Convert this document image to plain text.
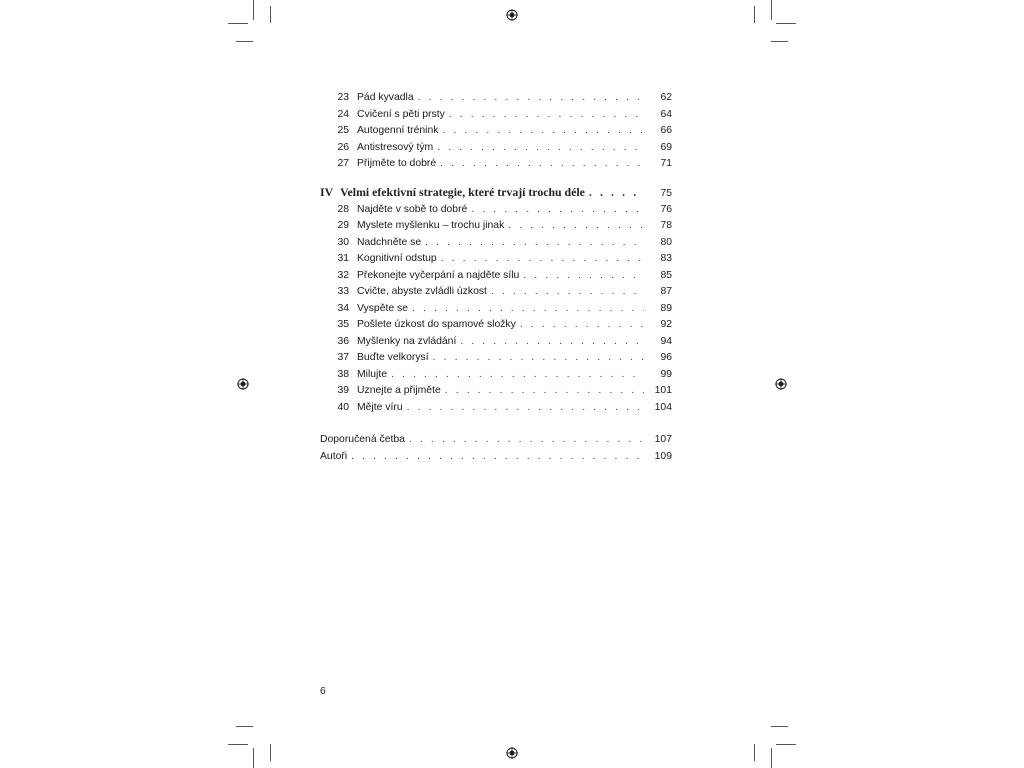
23 Pád kyvadla . . .	62
24 Cvičení s pěti prsty . . .	64
25 Autogenní trénink . . .	66
26 Antistresový tým . . .	69
27 Přijměte to dobré . . .	71
IV Velmi efektivní strategie, které trvají trochu déle . . .	75
28 Najděte v sobě to dobré . . .	76
29 Myslete myšlenku – trochu jinak . . .	78
30 Nadchněte se . . .	80
31 Kognitivní odstup . . .	83
32 Překonejte vyčerpání a najděte sílu . . .	85
33 Cvičte, abyste zvládli úzkost . . .	87
34 Vyspěte se . . .	89
35 Pošlete úzkost do spamové složky . . .	92
36 Myšlenky na zvládání . . .	94
37 Buďte velkorysí . . .	96
38 Milujte . . .	99
39 Uznejte a přijměte . . .	101
40 Mějte víru . . .	104
Doporučená četba . . .	107
Autoři . . .	109
6
